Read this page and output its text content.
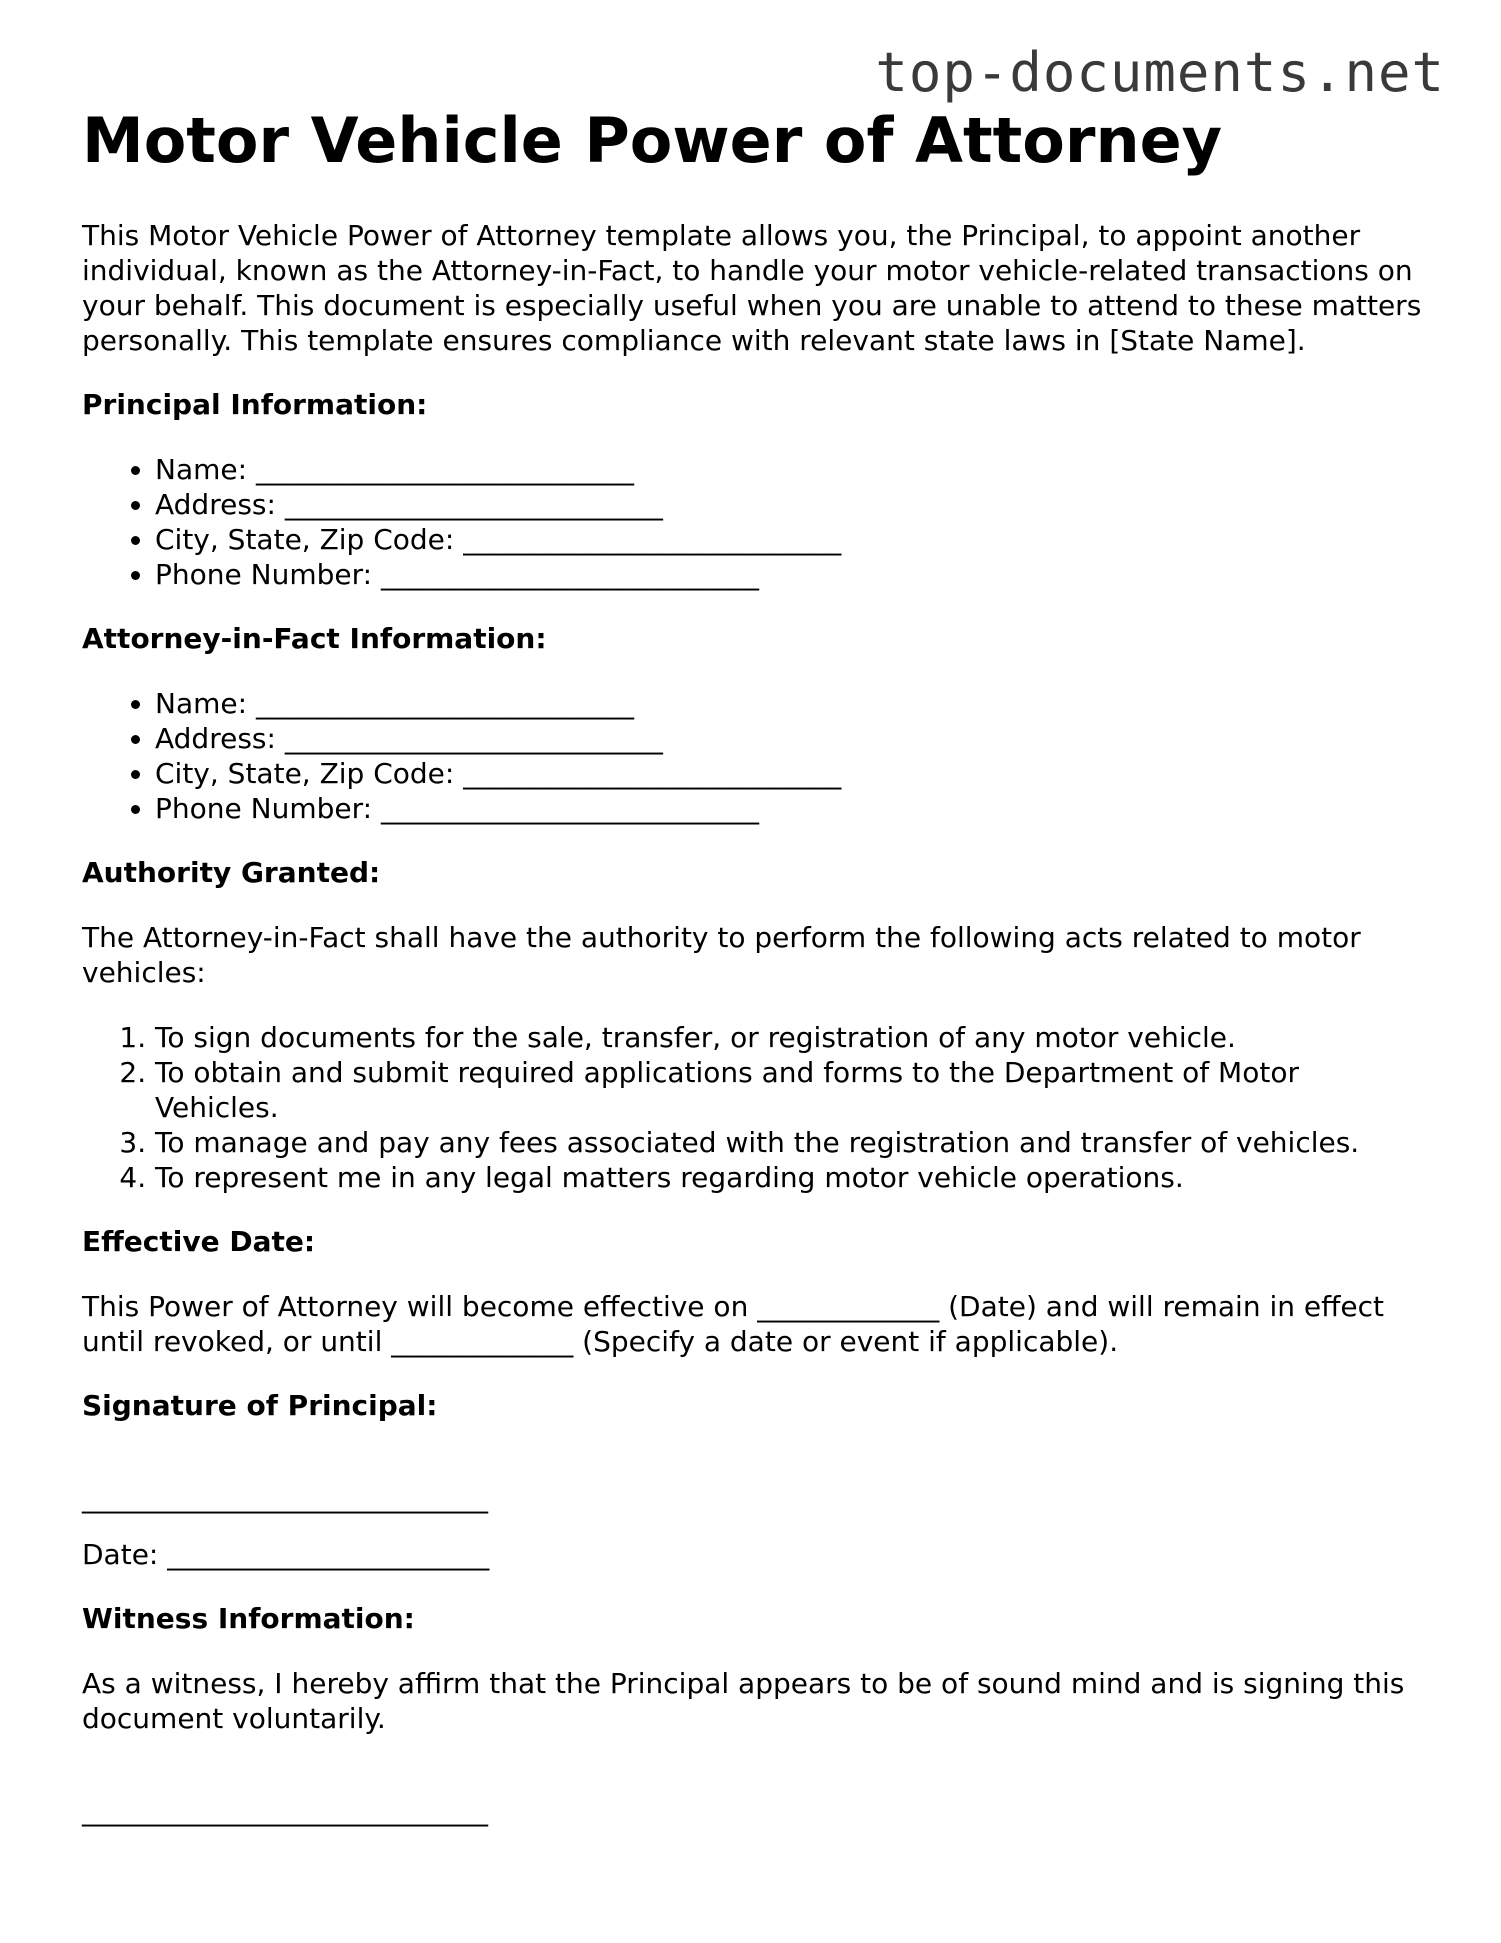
top-documents.net
Motor Vehicle Power of Attorney

This Motor Vehicle Power of Attorney template allows you, the Principal, to appoint another individual, known as the Attorney-in-Fact, to handle your motor vehicle-related transactions on your behalf. This document is especially useful when you are unable to attend to these matters personally. This template ensures compliance with relevant state laws in [State Name].

Principal Information:
• Name: ___________________________
• Address: ___________________________
• City, State, Zip Code: ___________________________
• Phone Number: ___________________________
Attorney-in-Fact Information:
• Name: ___________________________
• Address: ___________________________
• City, State, Zip Code: ___________________________
• Phone Number: ___________________________
Authority Granted:

The Attorney-in-Fact shall have the authority to perform the following acts related to motor vehicles:

1. To sign documents for the sale, transfer, or registration of any motor vehicle.
2. To obtain and submit required applications and forms to the Department of Motor Vehicles.
3. To manage and pay any fees associated with the registration and transfer of vehicles.
4. To represent me in any legal matters regarding motor vehicle operations.
Effective Date:

This Power of Attorney will become effective on _____________ (Date) and will remain in effect until revoked, or until _____________ (Specify a date or event if applicable).

Signature of Principal:

_____________________________

Date: _______________________

Witness Information:

As a witness, I hereby affirm that the Principal appears to be of sound mind and is signing this document voluntarily.

_____________________________
